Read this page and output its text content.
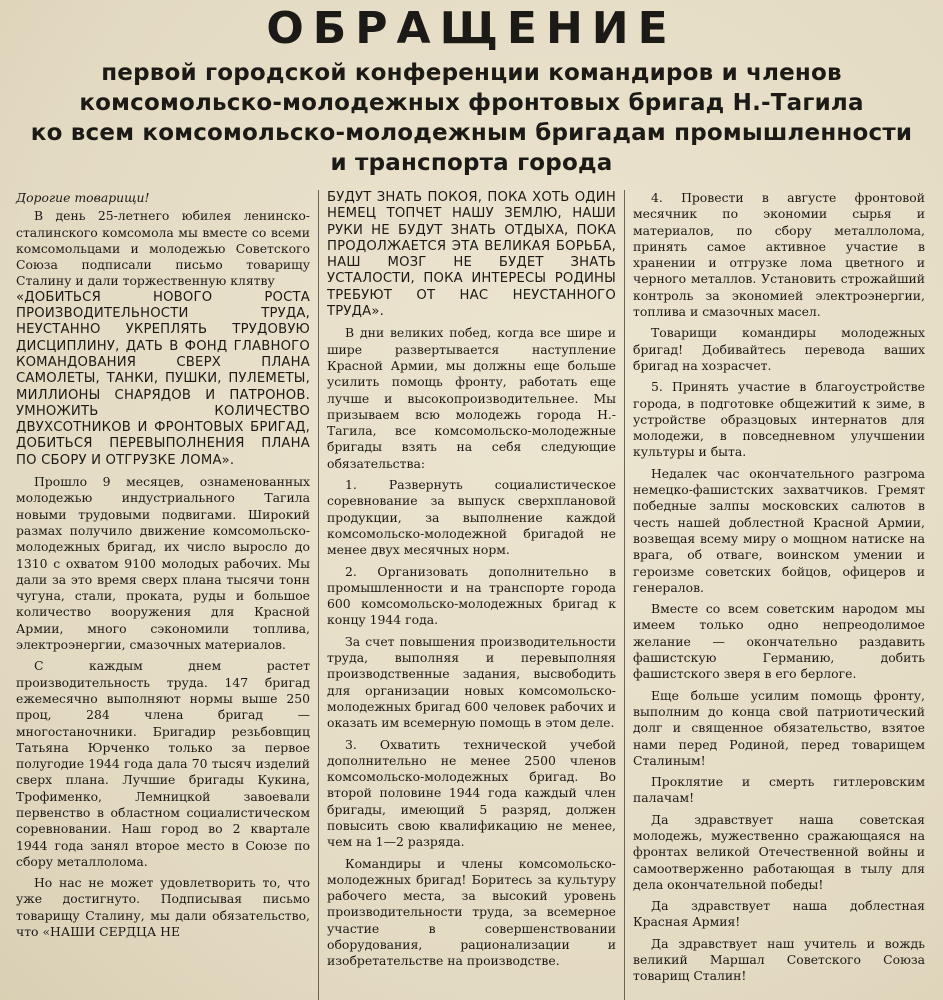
ОБРАЩЕНИЕ
первой городской конференции командиров и членов
комсомольско-молодежных фронтовых бригад Н.-Тагила
ко всем комсомольско-молодежным бригадам промышленности
и транспорта города

Дорогие товарищи!

В день 25-летнего юбилея ленинско-сталинского комсомола мы вместе со всеми комсомольцами и молодежью Советского Союза подписали письмо товарищу Сталину и дали торжественную клятву

«ДОБИТЬСЯ НОВОГО РОСТА ПРОИЗВОДИТЕЛЬНОСТИ ТРУДА, НЕУСТАННО УКРЕПЛЯТЬ ТРУДОВУЮ ДИСЦИПЛИНУ, ДАТЬ В ФОНД ГЛАВНОГО КОМАНДОВАНИЯ СВЕРХ ПЛАНА САМОЛЕТЫ, ТАНКИ, ПУШКИ, ПУЛЕМЕТЫ, МИЛЛИОНЫ СНАРЯДОВ И ПАТРОНОВ. УМНОЖИТЬ КОЛИЧЕСТВО ДВУХСОТНИКОВ И ФРОНТОВЫХ БРИГАД, ДОБИТЬСЯ ПЕРЕВЫПОЛНЕНИЯ ПЛАНА ПО СБОРУ И ОТГРУЗКЕ ЛОМА».

Прошло 9 месяцев, ознаменованных молодежью индустриального Тагила новыми трудовыми подвигами. Широкий размах получило движение комсомольско-молодежных бригад, их число выросло до 1310 с охватом 9100 молодых рабочих. Мы дали за это время сверх плана тысячи тонн чугуна, стали, проката, руды и большое количество вооружения для Красной Армии, много сэкономили топлива, электроэнергии, смазочных материалов.

С каждым днем растет производительность труда. 147 бригад ежемесячно выполняют нормы выше 250 проц, 284 члена бригад — многостаночники. Бригадир резьбовщиц Татьяна Юрченко только за первое полугодие 1944 года дала 70 тысяч изделий сверх плана. Лучшие бригады Кукина, Трофименко, Лемницкой завоевали первенство в областном социалистическом соревновании. Наш город во 2 квартале 1944 года занял второе место в Союзе по сбору металлолома.

Но нас не может удовлетворить то, что уже достигнуто. Подписывая письмо товарищу Сталину, мы дали обязательство, что «НАШИ СЕРДЦА НЕ

БУДУТ ЗНАТЬ ПОКОЯ, ПОКА ХОТЬ ОДИН НЕМЕЦ ТОПЧЕТ НАШУ ЗЕМЛЮ, НАШИ РУКИ НЕ БУДУТ ЗНАТЬ ОТДЫХА, ПОКА ПРОДОЛЖАЕТСЯ ЭТА ВЕЛИКАЯ БОРЬБА, НАШ МОЗГ НЕ БУДЕТ ЗНАТЬ УСТАЛОСТИ, ПОКА ИНТЕРЕСЫ РОДИНЫ ТРЕБУЮТ ОТ НАС НЕУСТАННОГО ТРУДА».

В дни великих побед, когда все шире и шире развертывается наступление Красной Армии, мы должны еще больше усилить помощь фронту, работать еще лучше и высокопроизводительнее. Мы призываем всю молодежь города Н.-Тагила, все комсомольско-молодежные бригады взять на себя следующие обязательства:

1. Развернуть социалистическое соревнование за выпуск сверхплановой продукции, за выполнение каждой комсомольско-молодежной бригадой не менее двух месячных норм.

2. Организовать дополнительно в промышленности и на транспорте города 600 комсомольско-молодежных бригад к концу 1944 года.

За счет повышения производительности труда, выполняя и перевыполняя производственные задания, высвободить для организации новых комсомольско-молодежных бригад 600 человек рабочих и оказать им всемерную помощь в этом деле.

3. Охватить технической учебой дополнительно не менее 2500 членов комсомольско-молодежных бригад. Во второй половине 1944 года каждый член бригады, имеющий 5 разряд, должен повысить свою квалификацию не менее, чем на 1—2 разряда.

Командиры и члены комсомольско-молодежных бригад! Боритесь за культуру рабочего места, за высокий уровень производительности труда, за всемерное участие в совершенствовании оборудования, рационализации и изобретательстве на производстве.

4. Провести в августе фронтовой месячник по экономии сырья и материалов, по сбору металлолома, принять самое активное участие в хранении и отгрузке лома цветного и черного металлов. Установить строжайший контроль за экономией электроэнергии, топлива и смазочных масел.

Товарищи командиры молодежных бригад! Добивайтесь перевода ваших бригад на хозрасчет.

5. Принять участие в благоустройстве города, в подготовке общежитий к зиме, в устройстве образцовых интернатов для молодежи, в повседневном улучшении культуры и быта.

Недалек час окончательного разгрома немецко-фашистских захватчиков. Гремят победные залпы московских салютов в честь нашей доблестной Красной Армии, возвещая всему миру о мощном натиске на врага, об отваге, воинском умении и героизме советских бойцов, офицеров и генералов.

Вместе со всем советским народом мы имеем только одно непреодолимое желание — окончательно раздавить фашистскую Германию, добить фашистского зверя в его берлоге.

Еще больше усилим помощь фронту, выполним до конца свой патриотический долг и священное обязательство, взятое нами перед Родиной, перед товарищем Сталиным!

Проклятие и смерть гитлеровским палачам!

Да здравствует наша советская молодежь, мужественно сражающаяся на фронтах великой Отечественной войны и самоотверженно работающая в тылу для дела окончательной победы!

Да здравствует наша доблестная Красная Армия!

Да здравствует наш учитель и вождь великий Маршал Советского Союза товарищ Сталин!
